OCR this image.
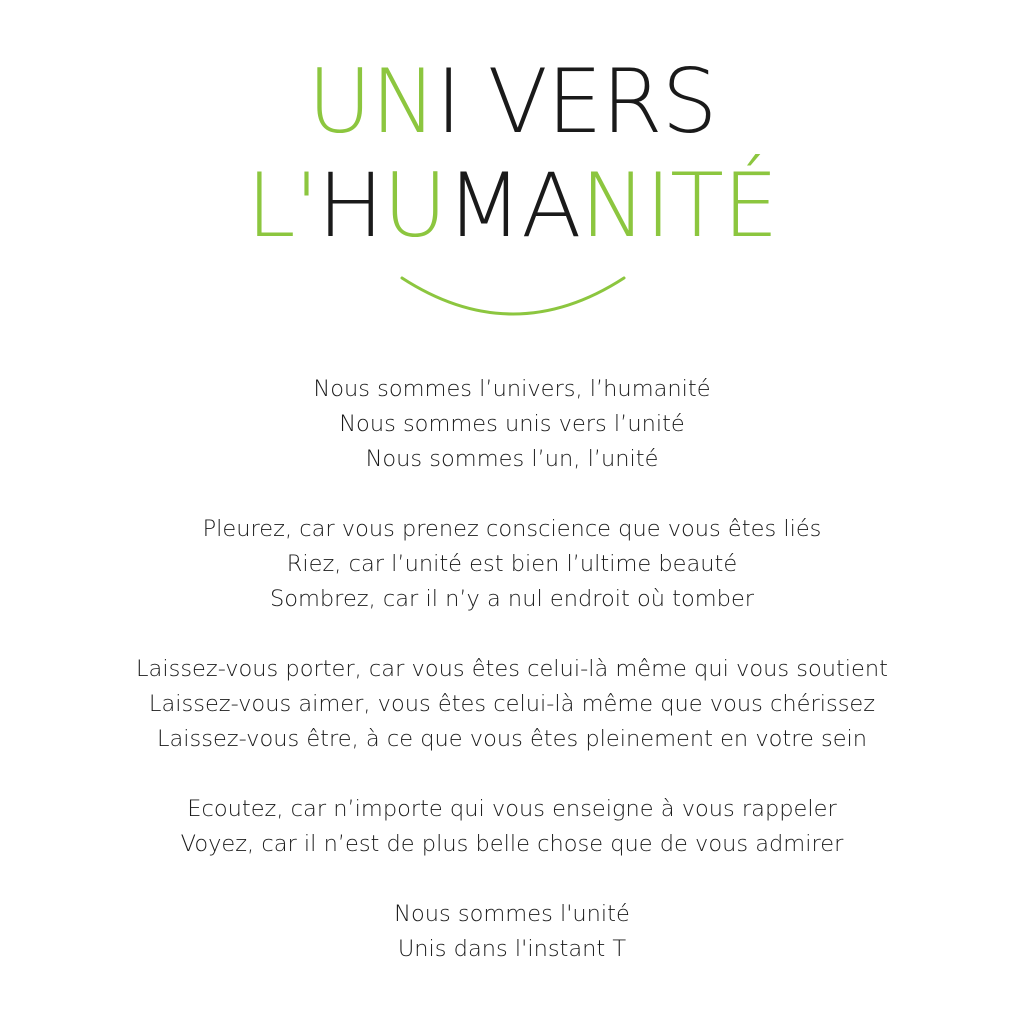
UNI VERS
L'HUMANITÉ
Nous sommes l’univers, l’humanité
Nous sommes unis vers l’unité
Nous sommes l’un, l’unité
Pleurez, car vous prenez conscience que vous êtes liés
Riez, car l’unité est bien l’ultime beauté
Sombrez, car il n’y a nul endroit où tomber
Laissez-vous porter, car vous êtes celui-là même qui vous soutient
Laissez-vous aimer, vous êtes celui-là même que vous chérissez
Laissez-vous être, à ce que vous êtes pleinement en votre sein
Ecoutez, car n’importe qui vous enseigne à vous rappeler
Voyez, car il n’est de plus belle chose que de vous admirer
Nous sommes l'unité
Unis dans l'instant T
